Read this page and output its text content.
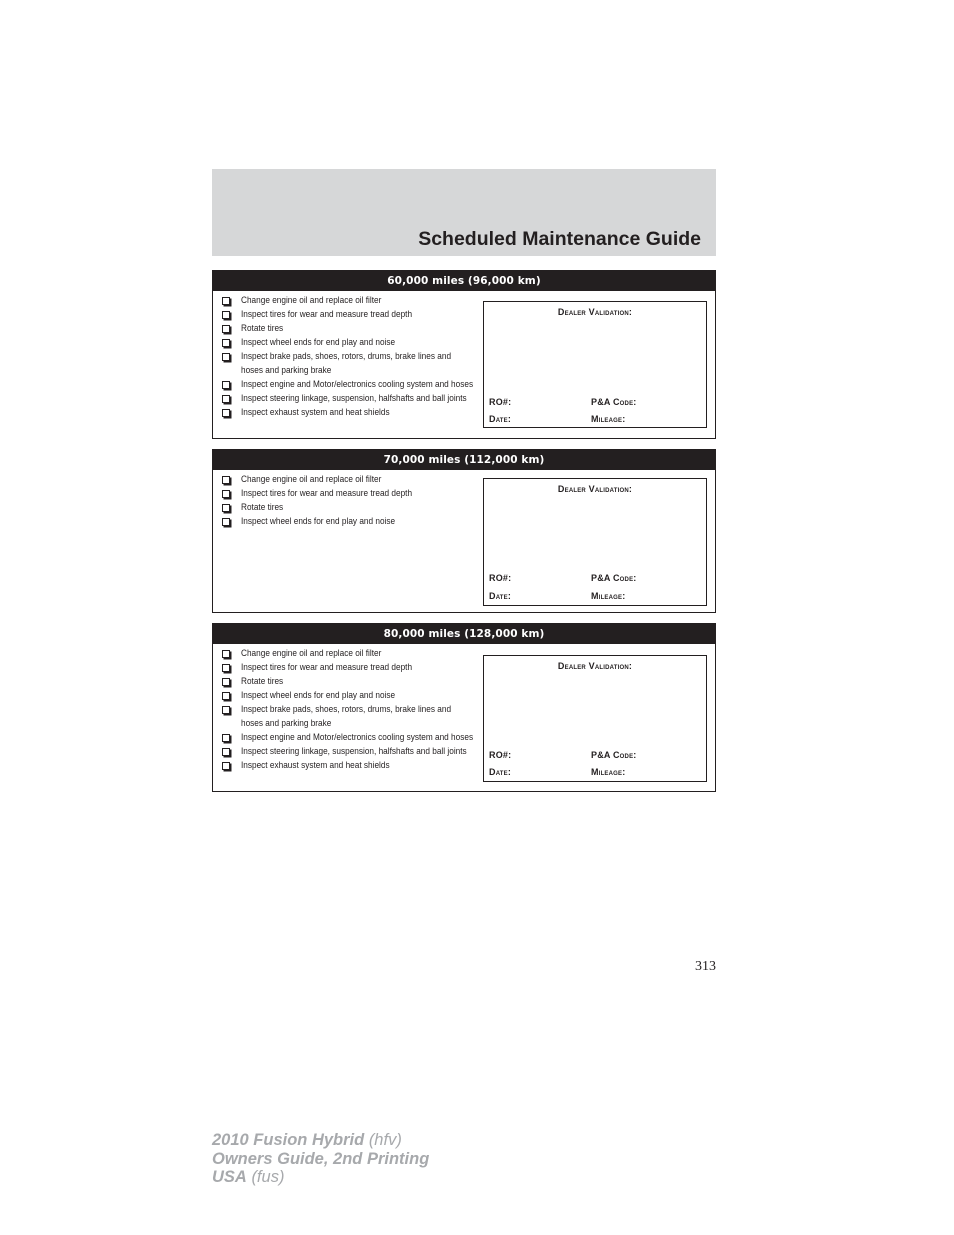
Scheduled Maintenance Guide
60,000 miles (96,000 km)
Change engine oil and replace oil filter
Inspect tires for wear and measure tread depth
Rotate tires
Inspect wheel ends for end play and noise
Inspect brake pads, shoes, rotors, drums, brake lines and hoses and parking brake
Inspect engine and Motor/electronics cooling system and hoses
Inspect steering linkage, suspension, halfshafts and ball joints
Inspect exhaust system and heat shields
Dealer Validation:
RO#:	P&A Code:
Date:	Mileage:
70,000 miles (112,000 km)
Change engine oil and replace oil filter
Inspect tires for wear and measure tread depth
Rotate tires
Inspect wheel ends for end play and noise
Dealer Validation:
RO#:	P&A Code:
Date:	Mileage:
80,000 miles (128,000 km)
Change engine oil and replace oil filter
Inspect tires for wear and measure tread depth
Rotate tires
Inspect wheel ends for end play and noise
Inspect brake pads, shoes, rotors, drums, brake lines and hoses and parking brake
Inspect engine and Motor/electronics cooling system and hoses
Inspect steering linkage, suspension, halfshafts and ball joints
Inspect exhaust system and heat shields
Dealer Validation:
RO#:	P&A Code:
Date:	Mileage:
313
2010 Fusion Hybrid (hfv)
Owners Guide, 2nd Printing
USA (fus)
